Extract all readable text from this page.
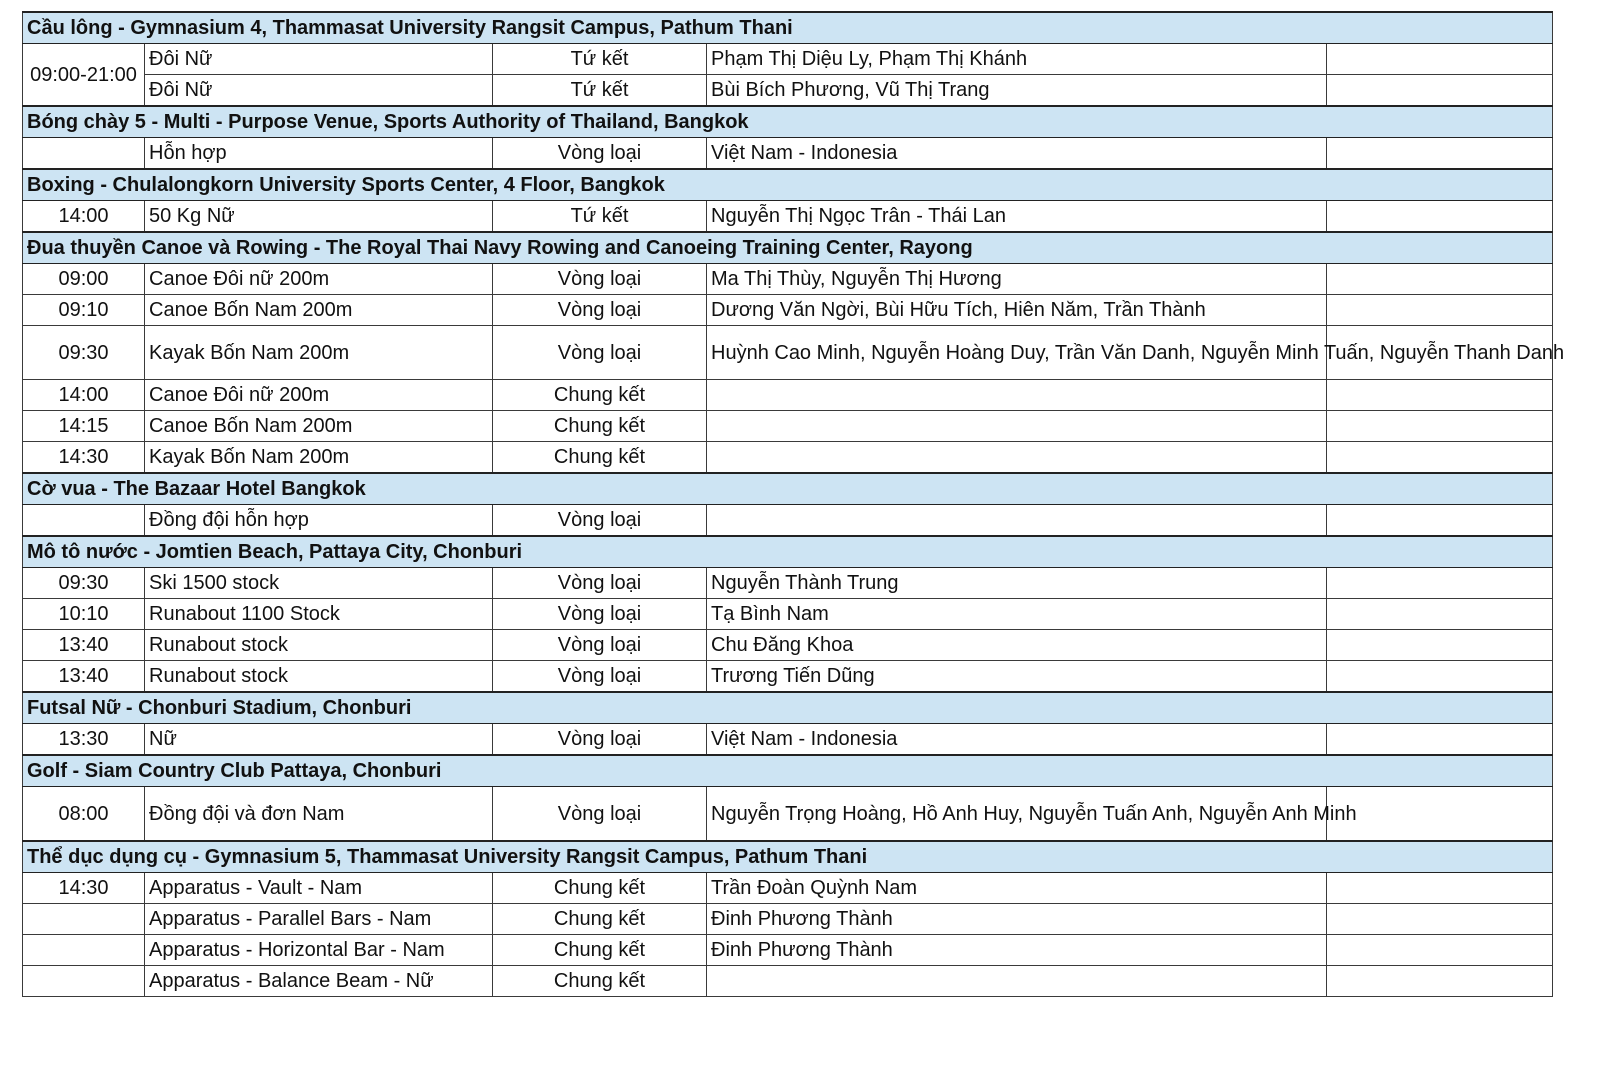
Cầu lông - Gymnasium 4, Thammasat University Rangsit Campus, Pathum Thani				
09:00-21:00	Đôi Nữ	Tứ kết	Phạm Thị Diệu Ly, Phạm Thị Khánh	
	Đôi Nữ	Tứ kết	Bùi Bích Phương, Vũ Thị Trang	
Bóng chày 5 - Multi - Purpose Venue, Sports Authority of Thailand, Bangkok				
	Hỗn hợp	Vòng loại	Việt Nam - Indonesia	
Boxing - Chulalongkorn University Sports Center, 4 Floor, Bangkok				
14:00	50 Kg Nữ	Tứ kết	Nguyễn Thị Ngọc Trân - Thái Lan	
Đua thuyền Canoe và Rowing - The Royal Thai Navy Rowing and Canoeing Training Center, Rayong				
09:00	Canoe Đôi nữ 200m	Vòng loại	Ma Thị Thùy, Nguyễn Thị Hương	
09:10	Canoe Bốn Nam 200m	Vòng loại	Dương Văn Ngời, Bùi Hữu Tích, Hiên Năm, Trần Thành	
09:30	Kayak Bốn Nam 200m	Vòng loại	Huỳnh Cao Minh, Nguyễn Hoàng Duy, Trần Văn Danh, Nguyễn Minh Tuấn, Nguyễn Thanh Danh	
14:00	Canoe Đôi nữ 200m	Chung kết		
14:15	Canoe Bốn Nam 200m	Chung kết		
14:30	Kayak Bốn Nam 200m	Chung kết		
Cờ vua - The Bazaar Hotel Bangkok				
	Đồng đội hỗn hợp	Vòng loại		
Mô tô nước - Jomtien Beach, Pattaya City, Chonburi				
09:30	Ski 1500 stock	Vòng loại	Nguyễn Thành Trung	
10:10	Runabout 1100 Stock	Vòng loại	Tạ Bình Nam	
13:40	Runabout stock	Vòng loại	Chu Đăng Khoa	
13:40	Runabout stock	Vòng loại	Trương Tiến Dũng	
Futsal Nữ - Chonburi Stadium, Chonburi				
13:30	Nữ	Vòng loại	Việt Nam - Indonesia	
Golf - Siam Country Club Pattaya, Chonburi				
08:00	Đồng đội và đơn Nam	Vòng loại	Nguyễn Trọng Hoàng, Hồ Anh Huy, Nguyễn Tuấn Anh, Nguyễn Anh Minh	
Thể dục dụng cụ - Gymnasium 5, Thammasat University Rangsit Campus, Pathum Thani				
14:30	Apparatus - Vault - Nam	Chung kết	Trần Đoàn Quỳnh Nam	
	Apparatus - Parallel Bars - Nam	Chung kết	Đinh Phương Thành	
	Apparatus - Horizontal Bar - Nam	Chung kết	Đinh Phương Thành	
	Apparatus - Balance Beam - Nữ	Chung kết		
